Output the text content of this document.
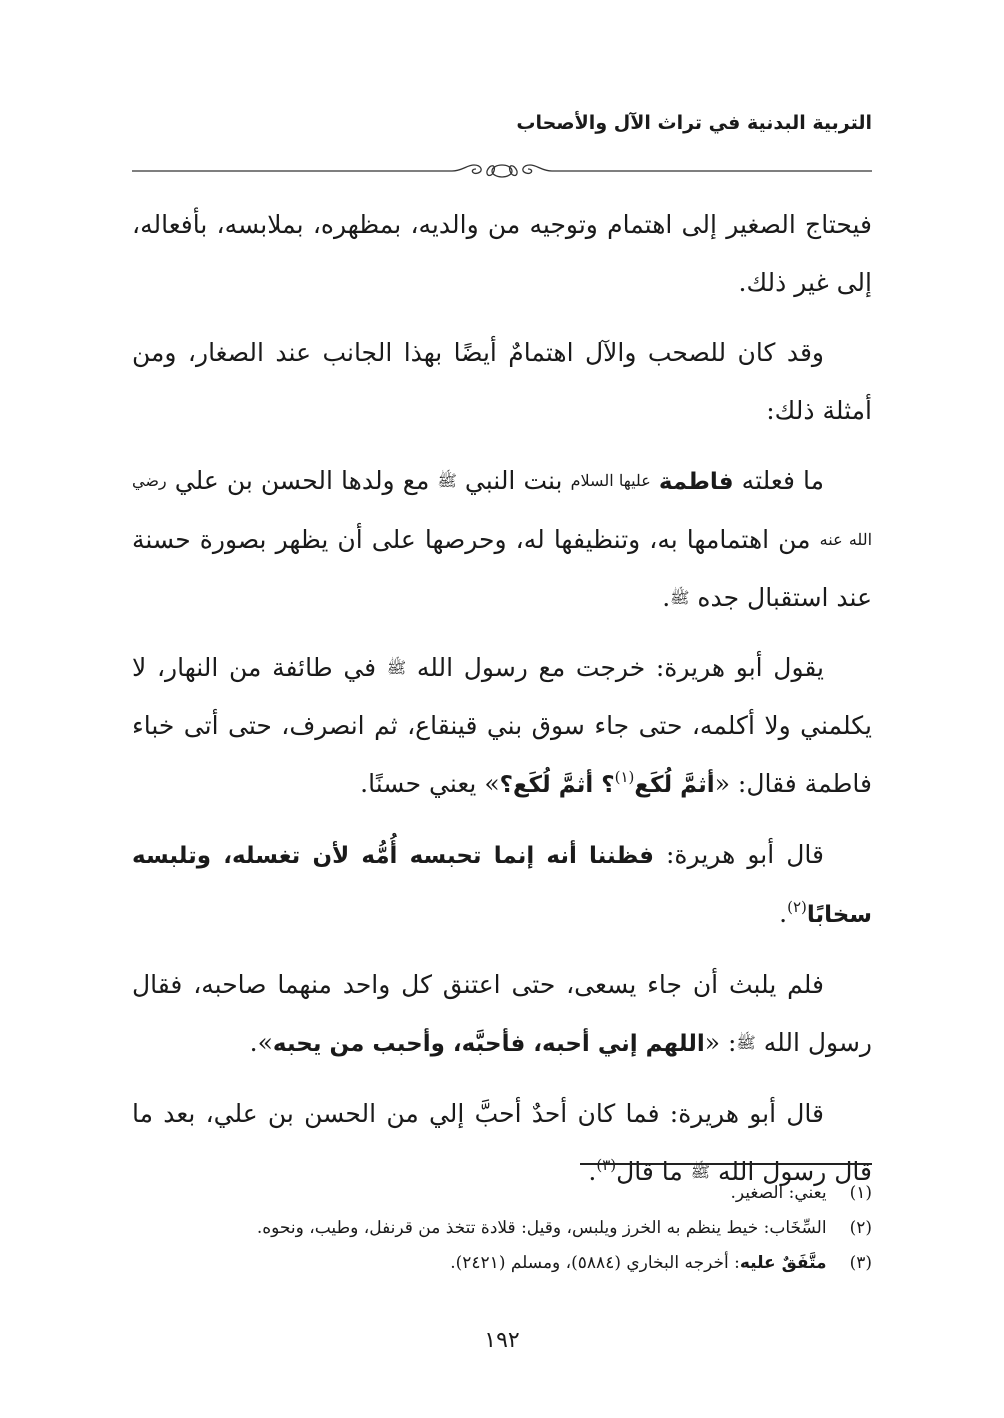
التربية البدنية في تراث الآل والأصحاب

فيحتاج الصغير إلى اهتمام وتوجيه من والديه، بمظهره، بملابسه، بأفعاله، إلى غير ذلك.

وقد كان للصحب والآل اهتمامٌ أيضًا بهذا الجانب عند الصغار، ومن أمثلة ذلك:

ما فعلته فاطمة عليها السلام بنت النبي ﷺ مع ولدها الحسن بن علي رضي الله عنه من اهتمامها به، وتنظيفها له، وحرصها على أن يظهر بصورة حسنة عند استقبال جده ﷺ.

يقول أبو هريرة: خرجت مع رسول الله ﷺ في طائفة من النهار، لا يكلمني ولا أكلمه، حتى جاء سوق بني قينقاع، ثم انصرف، حتى أتى خباء فاطمة فقال: «أثمَّ لُكَع$^{(١)}$؟ أثمَّ لُكَع؟» يعني حسنًا.

قال أبو هريرة: فظننا أنه إنما تحبسه أُمُّه لأن تغسله، وتلبسه سخابًا$^{(٢)}$.

فلم يلبث أن جاء يسعى، حتى اعتنق كل واحد منهما صاحبه، فقال رسول الله ﷺ: «اللهم إني أحبه، فأحبَّه، وأحبب من يحبه».

قال أبو هريرة: فما كان أحدٌ أحبَّ إلي من الحسن بن علي، بعد ما قال رسول الله ﷺ ما قال$^{(٣)}$.

(١) يعني: الصغير.
(٢) السِّخَاب: خيط ينظم به الخرز ويلبس، وقيل: قلادة تتخذ من قرنفل، وطيب، ونحوه.
(٣) متَّفَقٌ عليه: أخرجه البخاري (٥٨٨٤)، ومسلم (٢٤٢١).
١٩٢
